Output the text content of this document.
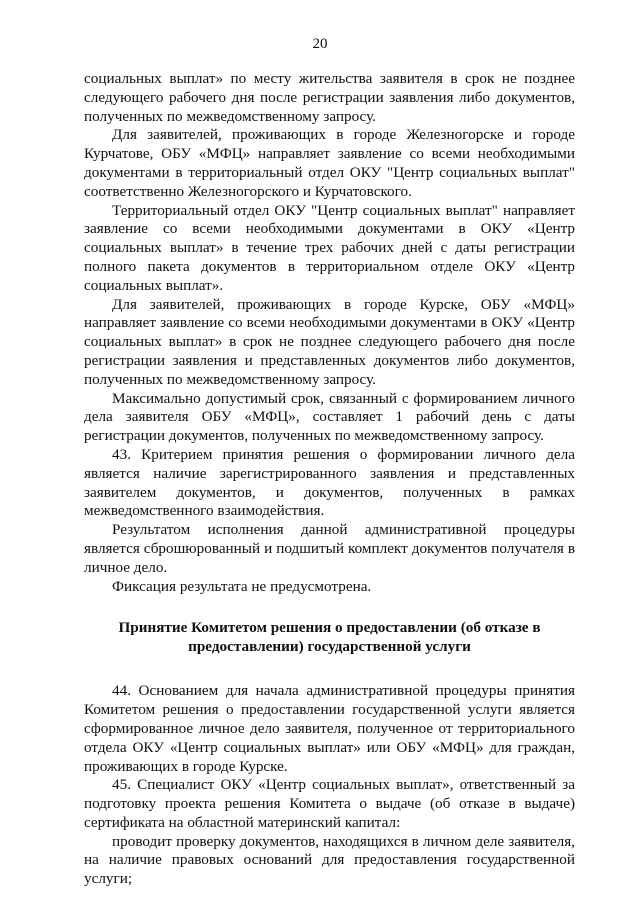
20

социальных выплат» по месту жительства заявителя в срок не позднее следующего рабочего дня после регистрации заявления либо документов, полученных по межведомственному запросу.

Для заявителей, проживающих в городе Железногорске и городе Курчатове, ОБУ «МФЦ» направляет заявление со всеми необходимыми документами в территориальный отдел ОКУ "Центр социальных выплат" соответственно Железногорского и Курчатовского.

Территориальный отдел ОКУ "Центр социальных выплат" направляет заявление со всеми необходимыми документами в ОКУ «Центр социальных выплат» в течение трех рабочих дней с даты регистрации полного пакета документов в территориальном отделе ОКУ «Центр социальных выплат».

Для заявителей, проживающих в городе Курске, ОБУ «МФЦ» направляет заявление со всеми необходимыми документами в ОКУ «Центр социальных выплат» в срок не позднее следующего рабочего дня после регистрации заявления и представленных документов либо документов, полученных по межведомственному запросу.

Максимально допустимый срок, связанный с формированием личного дела заявителя ОБУ «МФЦ», составляет 1 рабочий день с даты регистрации документов, полученных по межведомственному запросу.

43. Критерием принятия решения о формировании личного дела является наличие зарегистрированного заявления и представленных заявителем документов, и документов, полученных в рамках межведомственного взаимодействия.

Результатом исполнения данной административной процедуры является сброшюрованный и подшитый комплект документов получателя в личное дело.

Фиксация результата не предусмотрена.

Принятие Комитетом решения о предоставлении (об отказе в предоставлении) государственной услуги

44. Основанием для начала административной процедуры принятия Комитетом решения о предоставлении государственной услуги является сформированное личное дело заявителя, полученное от территориального отдела ОКУ «Центр социальных выплат» или ОБУ «МФЦ» для граждан, проживающих в городе Курске.

45. Специалист ОКУ «Центр социальных выплат», ответственный за подготовку проекта решения Комитета о выдаче (об отказе в выдаче) сертификата на областной материнский капитал:

проводит проверку документов, находящихся в личном деле заявителя, на наличие правовых оснований для предоставления государственной услуги;
